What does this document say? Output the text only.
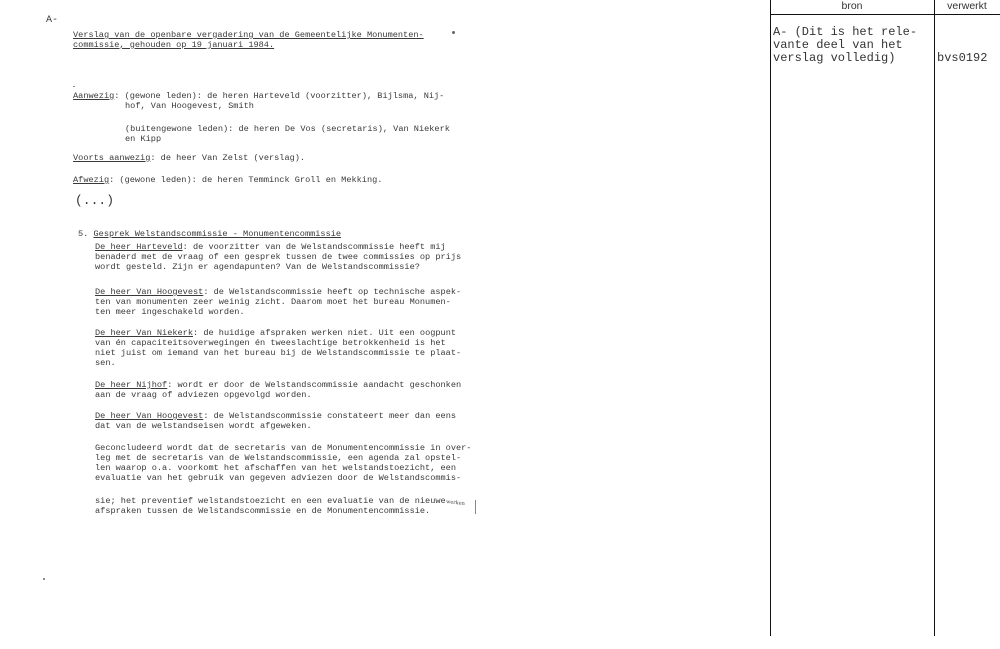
A-
Verslag van de openbare vergadering van de Gemeentelijke Monumenten-
commissie, gehouden op 19 januari 1984.
Aanwezig: (gewone leden): de heren Harteveld (voorzitter), Bijlsma, Nij-
hof, Van Hoogevest, Smith
(buitengewone leden): de heren De Vos (secretaris), Van Niekerk
en Kipp
Voorts aanwezig: de heer Van Zelst (verslag).
Afwezig: (gewone leden): de heren Temminck Groll en Mekking.
(...)
5. Gesprek Welstandscommissie - Monumentencommissie
De heer Harteveld: de voorzitter van de Welstandscommissie heeft mij
benaderd met de vraag of een gesprek tussen de twee commissies op prijs
wordt gesteld. Zijn er agendapunten? Van de Welstandscommissie?
De heer Van Hoogevest: de Welstandscommissie heeft op technische aspek-
ten van monumenten zeer weinig zicht. Daarom moet het bureau Monumen-
ten meer ingeschakeld worden.
De heer Van Niekerk: de huidige afspraken werken niet. Uit een oogpunt
van én capaciteitsoverwegingen én tweeslachtige betrokkenheid is het
niet juist om iemand van het bureau bij de Welstandscommissie te plaat-
sen.
De heer Nijhof: wordt er door de Welstandscommissie aandacht geschonken
aan de vraag of adviezen opgevolgd worden.
De heer Van Hoogevest: de Welstandscommissie constateert meer dan eens
dat van de welstandseisen wordt afgeweken.
Geconcludeerd wordt dat de secretaris van de Monumentencommissie in over-
leg met de secretaris van de Welstandscommissie, een agenda zal opstel-
len waarop o.a. voorkomt het afschaffen van het welstandstoezicht, een
evaluatie van het gebruik van gegeven adviezen door de Welstandscommis-
sie; het preventief welstandstoezicht en een evaluatie van de nieuwe
afspraken tussen de Welstandscommissie en de Monumentencommissie.
werken
bron	verwerkt
A- (Dit is het rele-
vante deel van het
verslag volledig)	bvs0192
